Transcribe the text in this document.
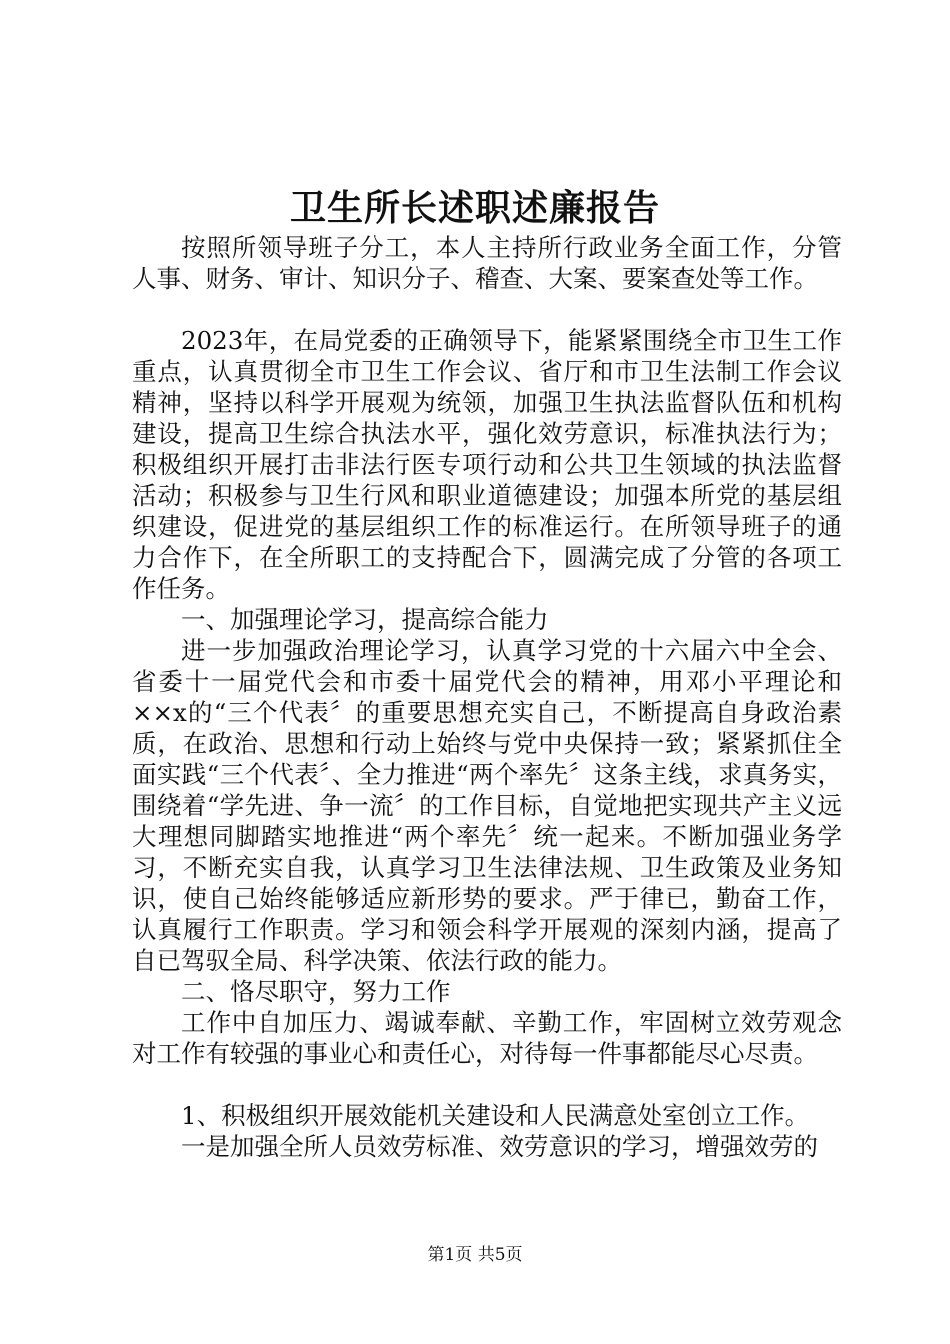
卫生所长述职述廉报告

按照所领导班子分工，本人主持所行政业务全面工作，分管人事、财务、审计、知识分子、稽查、大案、要案查处等工作。

2023年，在局党委的正确领导下，能紧紧围绕全市卫生工作重点，认真贯彻全市卫生工作会议、省厅和市卫生法制工作会议精神，坚持以科学开展观为统领，加强卫生执法监督队伍和机构建设，提高卫生综合执法水平，强化效劳意识，标准执法行为；积极组织开展打击非法行医专项行动和公共卫生领域的执法监督活动；积极参与卫生行风和职业道德建设；加强本所党的基层组织建设，促进党的基层组织工作的标准运行。在所领导班子的通力合作下，在全所职工的支持配合下，圆满完成了分管的各项工作任务。

一、加强理论学习，提高综合能力

进一步加强政治理论学习，认真学习党的十六届六中全会、省委十一届党代会和市委十届党代会的精神，用邓小平理论和××x的“三个代表〞的重要思想充实自己，不断提高自身政治素质，在政治、思想和行动上始终与党中央保持一致；紧紧抓住全面实践“三个代表〞、全力推进“两个率先〞这条主线，求真务实，围绕着“学先进、争一流〞的工作目标，自觉地把实现共产主义远大理想同脚踏实地推进“两个率先〞统一起来。不断加强业务学习，不断充实自我，认真学习卫生法律法规、卫生政策及业务知识，使自己始终能够适应新形势的要求。严于律已，勤奋工作，认真履行工作职责。学习和领会科学开展观的深刻内涵，提高了自已驾驭全局、科学决策、依法行政的能力。

二、恪尽职守，努力工作

工作中自加压力、竭诚奉献、辛勤工作，牢固树立效劳观念对工作有较强的事业心和责任心，对待每一件事都能尽心尽责。

1、积极组织开展效能机关建设和人民满意处室创立工作。

一是加强全所人员效劳标准、效劳意识的学习，增强效劳的

第1页 共5页
